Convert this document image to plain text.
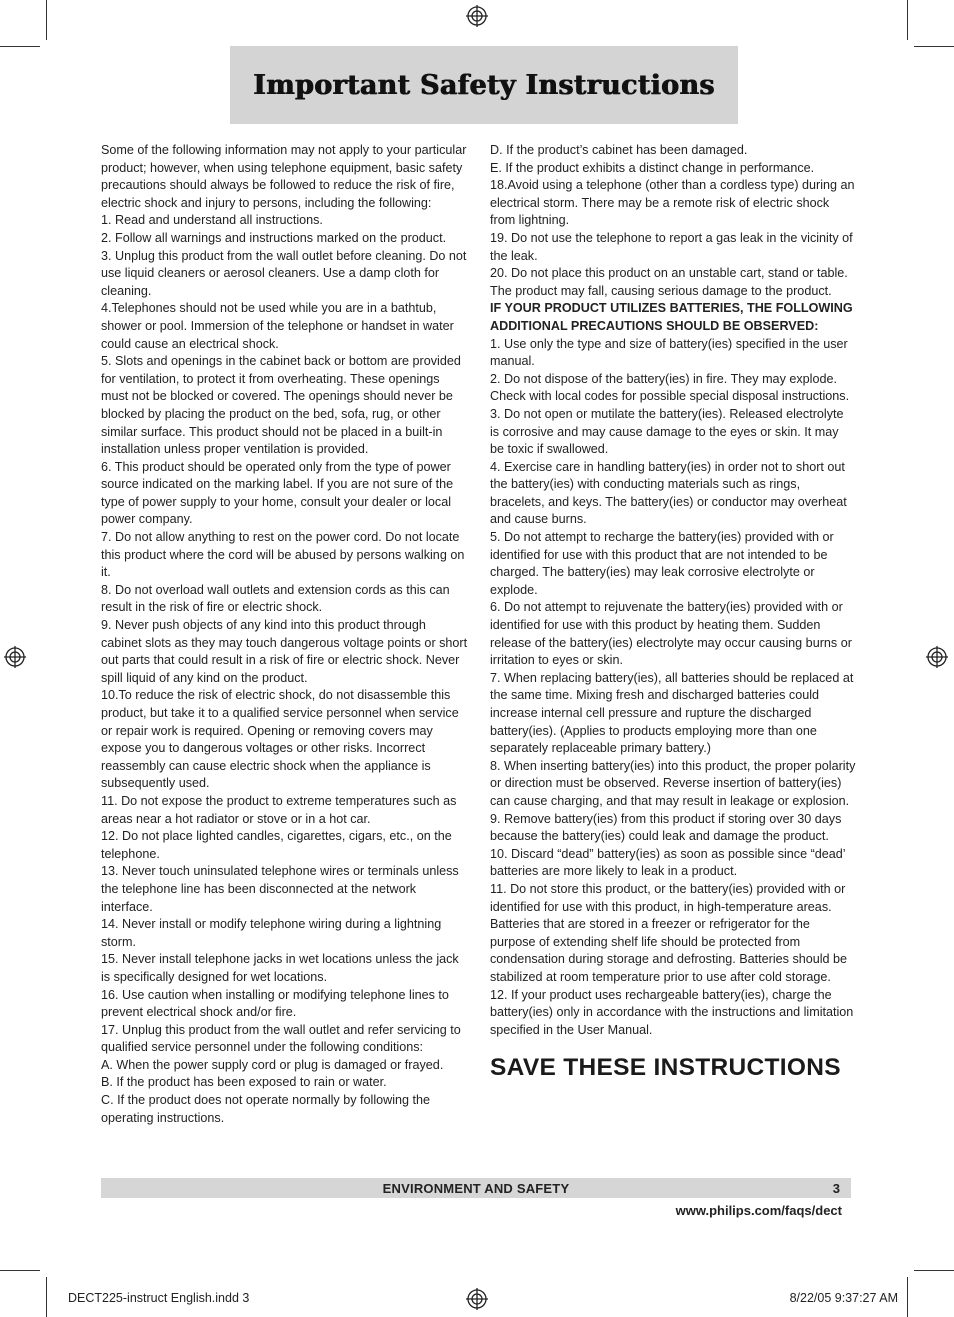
Important Safety Instructions

Some of the following information may not apply to your particular product; however, when using telephone equipment, basic safety precautions should always be followed to reduce the risk of fire, electric shock and injury to persons, including the following:

1. Read and understand all instructions.

2. Follow all warnings and instructions marked on the product.

3. Unplug this product from the wall outlet before cleaning. Do not use liquid cleaners or aerosol cleaners. Use a damp cloth for cleaning.

4.Telephones should not be used while you are in a bathtub, shower or pool. Immersion of the telephone or handset in water could cause an electrical shock.

5. Slots and openings in the cabinet back or bottom are provided for ventilation, to protect it from overheating. These openings must not be blocked or covered. The openings should never be blocked by placing the product on the bed, sofa, rug, or other similar surface. This product should not be placed in a built-in installation unless proper ventilation is provided.

6. This product should be operated only from the type of power source indicated on the marking label. If you are not sure of the type of power supply to your home, consult your dealer or local power company.

7. Do not allow anything to rest on the power cord. Do not locate this product where the cord will be abused by persons walking on it.

8. Do not overload wall outlets and extension cords as this can result in the risk of fire or electric shock.

9. Never push objects of any kind into this product through cabinet slots as they may touch dangerous voltage points or short out parts that could result in a risk of fire or electric shock. Never spill liquid of any kind on the product.

10.To reduce the risk of electric shock, do not disassemble this product, but take it to a qualified service personnel when service or repair work is required. Opening or removing covers may expose you to dangerous voltages or other risks. Incorrect reassembly can cause electric shock when the appliance is subsequently used.

11. Do not expose the product to extreme temperatures such as areas near a hot radiator or stove or in a hot car.

12. Do not place lighted candles, cigarettes, cigars, etc., on the telephone.

13. Never touch uninsulated telephone wires or terminals unless the telephone line has been disconnected at the network interface.

14. Never install or modify telephone wiring during a lightning storm.

15. Never install telephone jacks in wet locations unless the jack is specifically designed for wet locations.

16. Use caution when installing or modifying telephone lines to prevent electrical shock and/or fire.

17. Unplug this product from the wall outlet and refer servicing to qualified service personnel under the following conditions:

A. When the power supply cord or plug is damaged or frayed.

B. If the product has been exposed to rain or water.

C. If the product does not operate normally by following the operating instructions.

D. If the product’s cabinet has been damaged.

E. If the product exhibits a distinct change in performance.

18.Avoid using a telephone (other than a cordless type) during an electrical storm. There may be a remote risk of electric shock from lightning.

19. Do not use the telephone to report a gas leak in the vicinity of the leak.

20. Do not place this product on an unstable cart, stand or table.

The product may fall, causing serious damage to the product.

IF YOUR PRODUCT UTILIZES BATTERIES, THE FOLLOWING ADDITIONAL PRECAUTIONS SHOULD BE OBSERVED:

1. Use only the type and size of battery(ies) specified in the user manual.

2. Do not dispose of the battery(ies) in fire. They may explode. Check with local codes for possible special disposal instructions.

3. Do not open or mutilate the battery(ies). Released electrolyte is corrosive and may cause damage to the eyes or skin. It may be toxic if swallowed.

4. Exercise care in handling battery(ies) in order not to short out the battery(ies) with conducting materials such as rings, bracelets, and keys. The battery(ies) or conductor may overheat and cause burns.

5. Do not attempt to recharge the battery(ies) provided with or identified for use with this product that are not intended to be charged. The battery(ies) may leak corrosive electrolyte or explode.

6. Do not attempt to rejuvenate the battery(ies) provided with or identified for use with this product by heating them. Sudden release of the battery(ies) electrolyte may occur causing burns or irritation to eyes or skin.

7. When replacing battery(ies), all batteries should be replaced at the same time. Mixing fresh and discharged batteries could increase internal cell pressure and rupture the discharged battery(ies). (Applies to products employing more than one separately replaceable primary battery.)

8. When inserting battery(ies) into this product, the proper polarity or direction must be observed. Reverse insertion of battery(ies) can cause charging, and that may result in leakage or explosion.

9. Remove battery(ies) from this product if storing over 30 days because the battery(ies) could leak and damage the product.

10. Discard “dead” battery(ies) as soon as possible since “dead’ batteries are more likely to leak in a product.

11. Do not store this product, or the battery(ies) provided with or identified for use with this product, in high-temperature areas.

Batteries that are stored in a freezer or refrigerator for the purpose of extending shelf life should be protected from condensation during storage and defrosting. Batteries should be stabilized at room temperature prior to use after cold storage.

12. If your product uses rechargeable battery(ies), charge the battery(ies) only in accordance with the instructions and limitation specified in the User Manual.

SAVE THESE INSTRUCTIONS

ENVIRONMENT AND SAFETY	3
www.philips.com/faqs/dect
DECT225-instruct English.indd 3	8/22/05 9:37:27 AM
